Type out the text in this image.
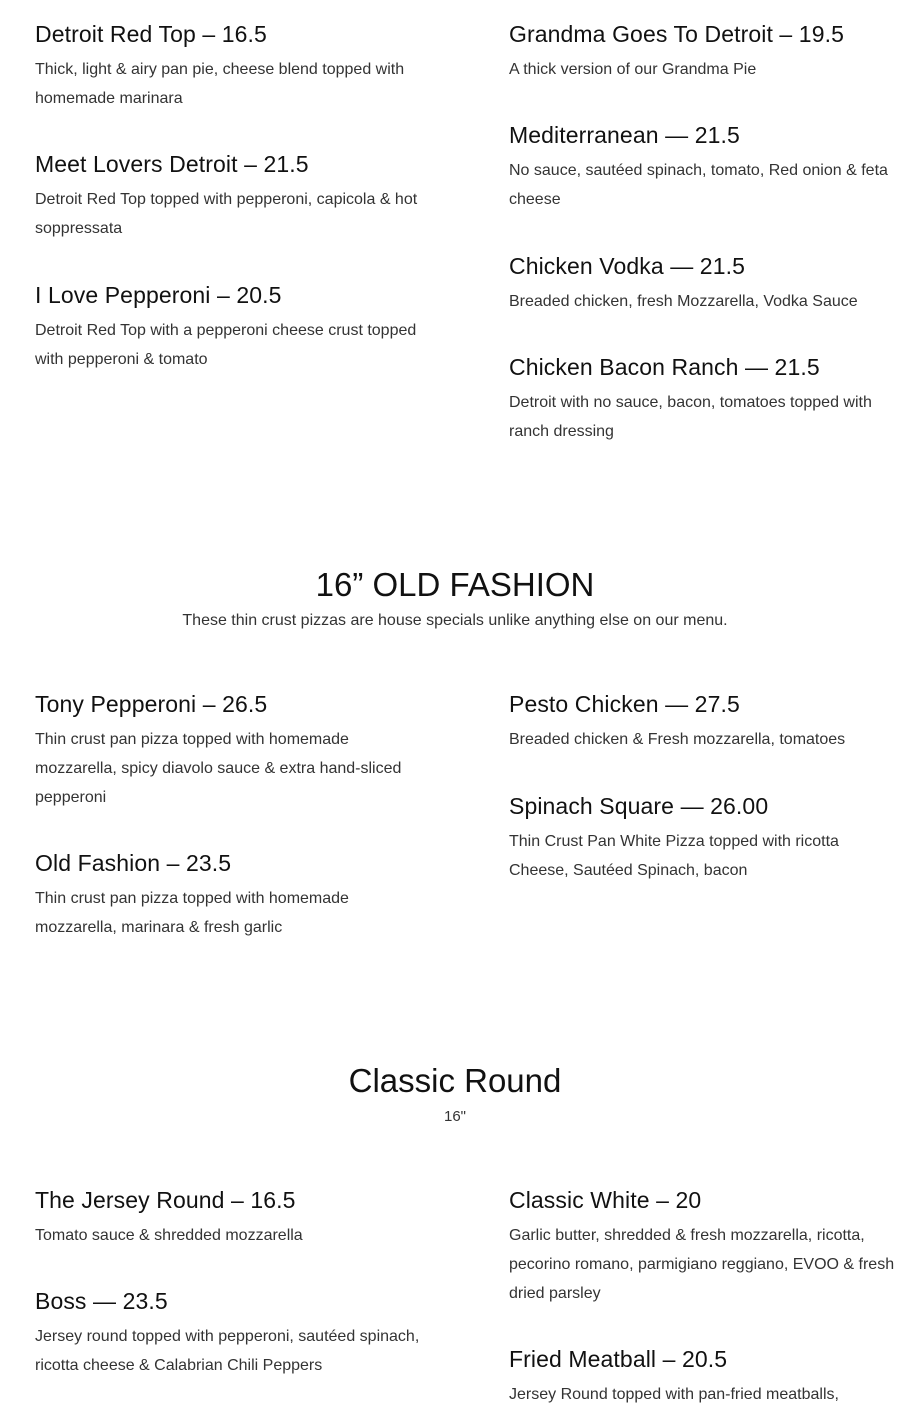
Detroit Red Top – 16.5
Thick, light & airy pan pie, cheese blend topped with homemade marinara
Meet Lovers Detroit – 21.5
Detroit Red Top topped with pepperoni, capicola & hot soppressata
I Love Pepperoni – 20.5
Detroit Red Top with a pepperoni cheese crust topped with pepperoni & tomato
Grandma Goes To Detroit – 19.5
A thick version of our Grandma Pie
Mediterranean — 21.5
No sauce, sautéed spinach, tomato, Red onion & feta cheese
Chicken Vodka — 21.5
Breaded chicken, fresh Mozzarella, Vodka Sauce
Chicken Bacon Ranch — 21.5
Detroit with no sauce, bacon, tomatoes topped with ranch dressing
16” OLD FASHION
These thin crust pizzas are house specials unlike anything else on our menu.
Tony Pepperoni – 26.5
Thin crust pan pizza topped with homemade mozzarella, spicy diavolo sauce & extra hand-sliced pepperoni
Old Fashion – 23.5
Thin crust pan pizza topped with homemade mozzarella, marinara & fresh garlic
Pesto Chicken — 27.5
Breaded chicken & Fresh mozzarella, tomatoes
Spinach Square — 26.00
Thin Crust Pan White Pizza topped with ricotta Cheese, Sautéed Spinach, bacon
Classic Round
16"
The Jersey Round – 16.5
Tomato sauce & shredded mozzarella
Boss — 23.5
Jersey round topped with pepperoni, sautéed spinach, ricotta cheese & Calabrian Chili Peppers
Classic White – 20
Garlic butter, shredded & fresh mozzarella, ricotta, pecorino romano, parmigiano reggiano, EVOO & fresh dried parsley
Fried Meatball – 20.5
Jersey Round topped with pan-fried meatballs,
